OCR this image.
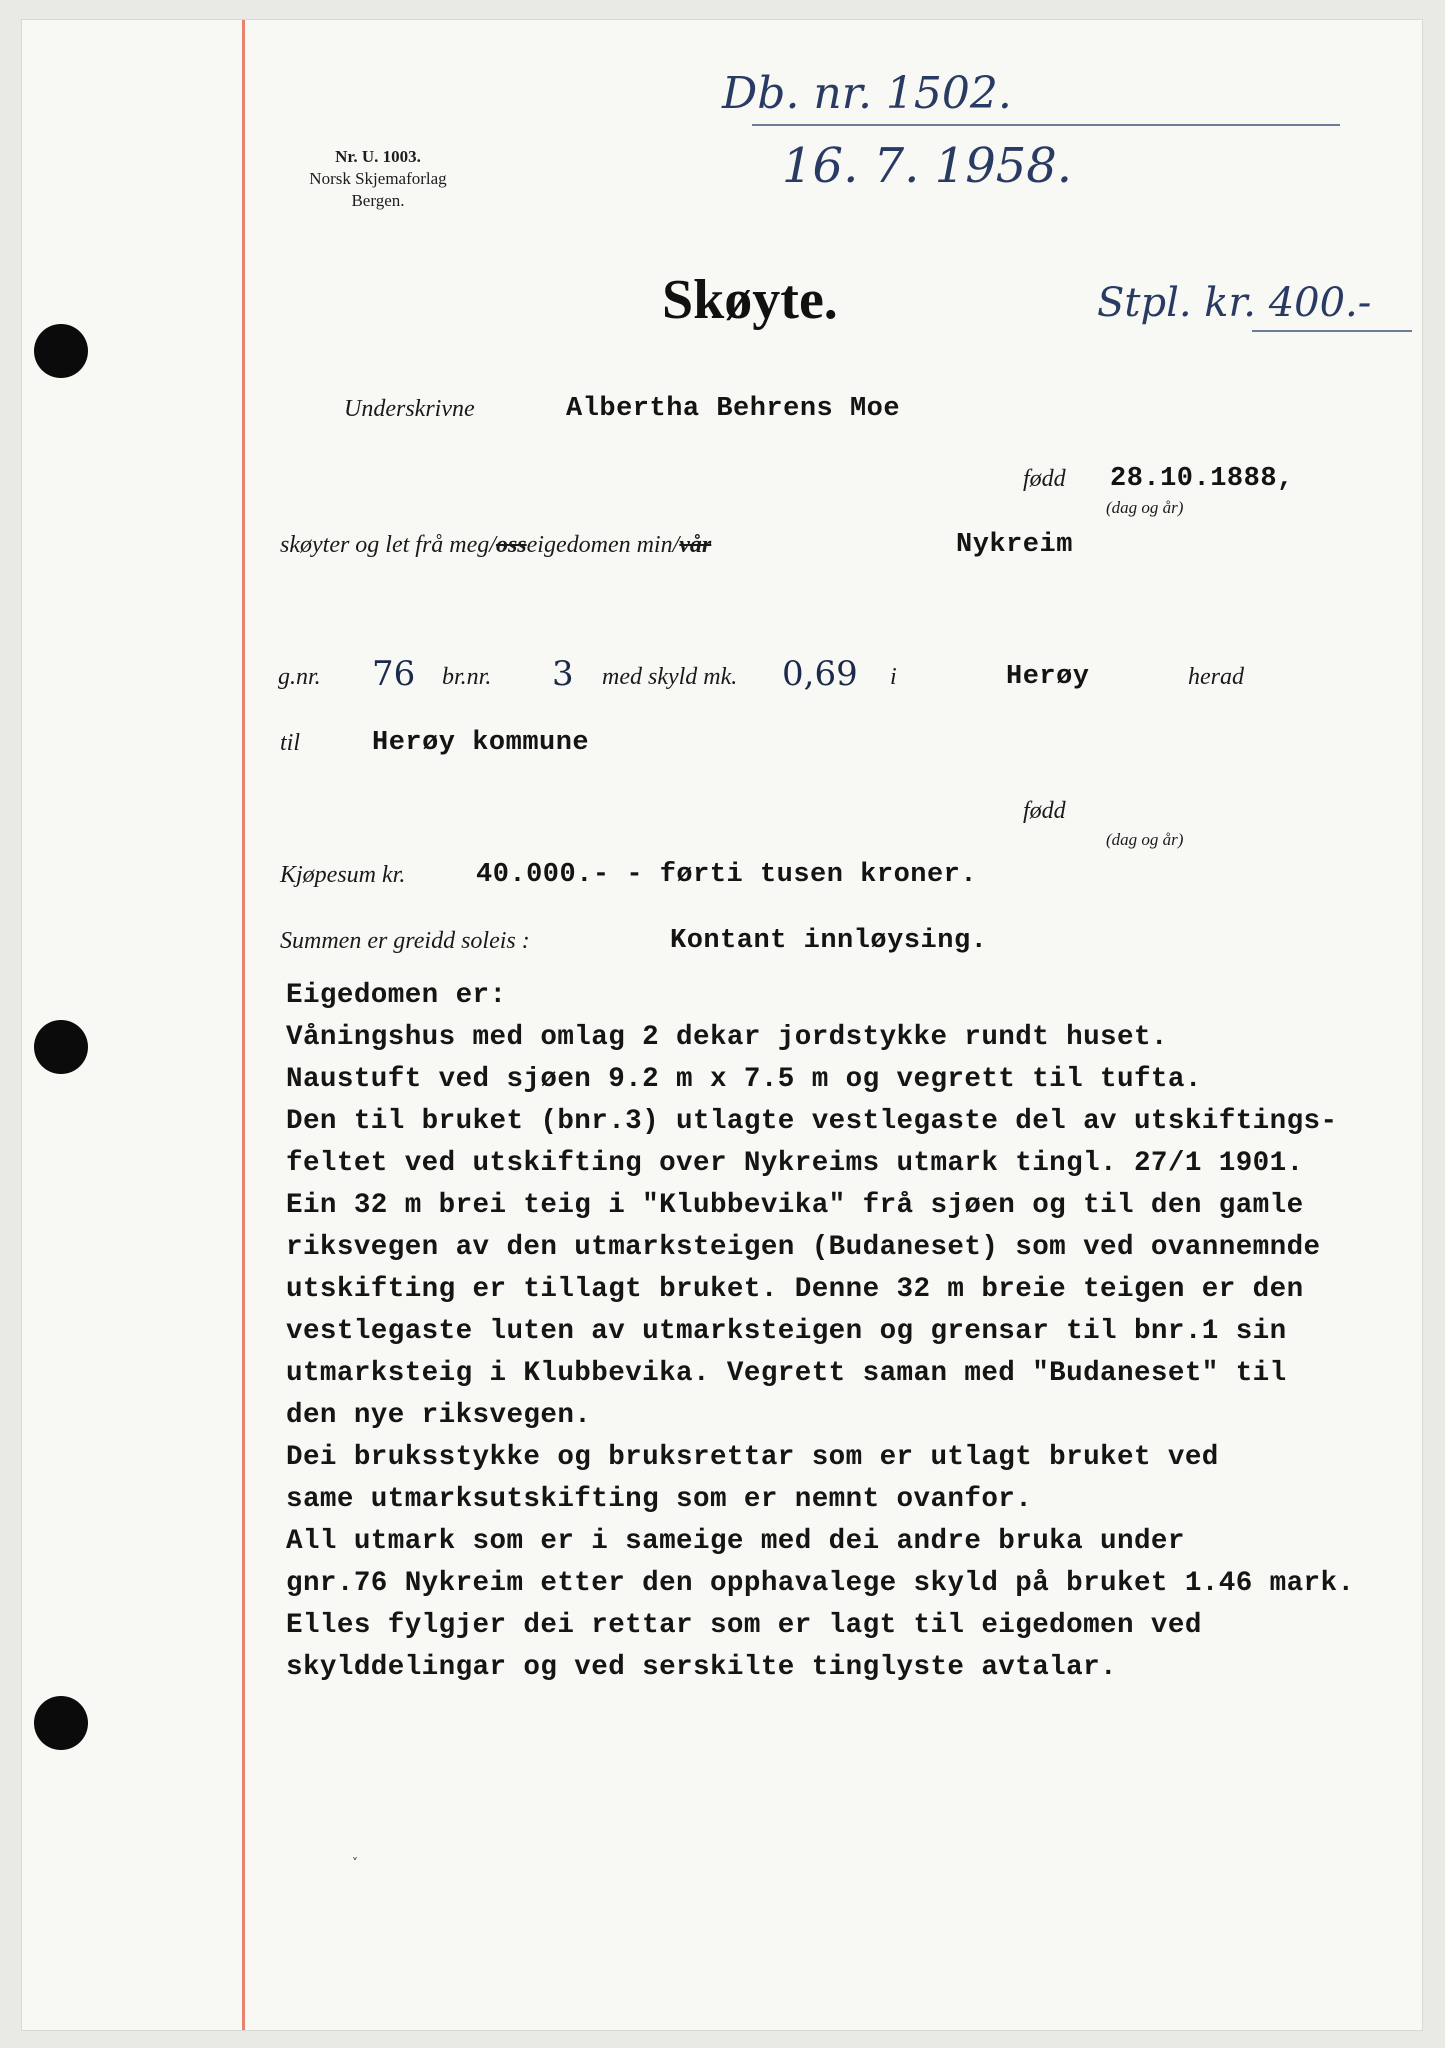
Db. nr. 1502.
16. 7. 1958.
Stpl. kr. 400.-
Nr. U. 1003.
Norsk Skjemaforlag
Bergen.
Skøyte.
Underskrivne	Albertha Behrens Moe
fødd 28.10.1888,
(dag og år)
skøyter og let frå meg/osseigedomen min/vår	Nykreim
g.nr. 76 br.nr. 3 med skyld mk. 0,69 i	Herøy	herad
til	Herøy kommune
fødd
(dag og år)
Kjøpesum kr.	40.000.- - førti tusen kroner.
Summen er greidd soleis :	Kontant innløysing.
Eigedomen er:
Våningshus med omlag 2 dekar jordstykke rundt huset.
Naustuft ved sjøen 9.2 m x 7.5 m og vegrett til tufta.
Den til bruket (bnr.3) utlagte vestlegaste del av utskiftings-
feltet ved utskifting over Nykreims utmark tingl. 27/1 1901.
Ein 32 m brei teig i "Klubbevika" frå sjøen og til den gamle
riksvegen av den utmarksteigen (Budaneset) som ved ovannemnde
utskifting er tillagt bruket. Denne 32 m breie teigen er den
vestlegaste luten av utmarksteigen og grensar til bnr.1 sin
utmarksteig i Klubbevika. Vegrett saman med "Budaneset" til
den nye riksvegen.
Dei bruksstykke og bruksrettar som er utlagt bruket ved
same utmarksutskifting som er nemnt ovanfor.
All utmark som er i sameige med dei andre bruka under
gnr.76 Nykreim etter den opphavalege skyld på bruket 1.46 mark.
Elles fylgjer dei rettar som er lagt til eigedomen ved
skylddelingar og ved serskilte tinglyste avtalar.
˅
